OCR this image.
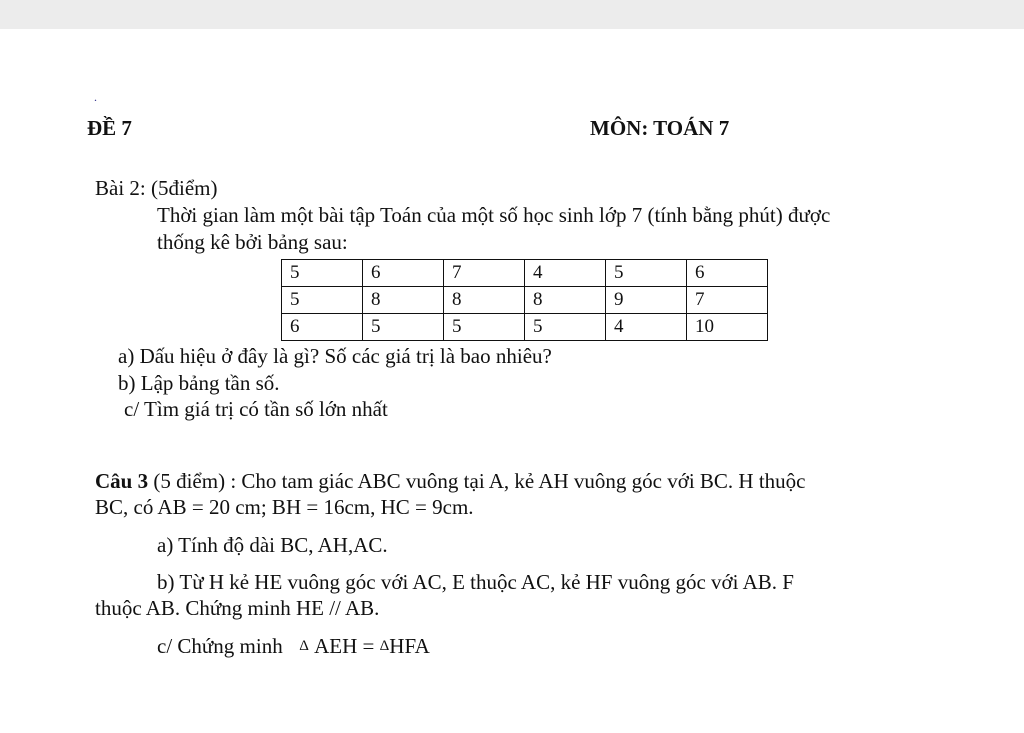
.
ĐỀ 7	MÔN: TOÁN 7
Bài 2: (5điểm)
Thời gian làm một bài tập Toán của một số học sinh lớp 7 (tính bằng phút) được
thống kê bởi bảng sau:
5	6	7	4	5	6
5	8	8	8	9	7
6	5	5	5	4	10
a) Dấu hiệu ở đây là gì? Số các giá trị là bao nhiêu?
b) Lập bảng tần số.
c/ Tìm giá trị có tần số lớn nhất
Câu 3 (5 điểm) : Cho tam giác ABC vuông tại A, kẻ AH vuông góc với BC. H thuộc
BC, có AB = 20 cm; BH = 16cm, HC = 9cm.
a) Tính độ dài BC, AH,AC.
b) Từ H kẻ HE vuông góc với AC, E thuộc AC, kẻ HF vuông góc với AB. F
thuộc AB. Chứng minh HE // AB.
c/ Chứng minh Δ AEH = ΔHFA
